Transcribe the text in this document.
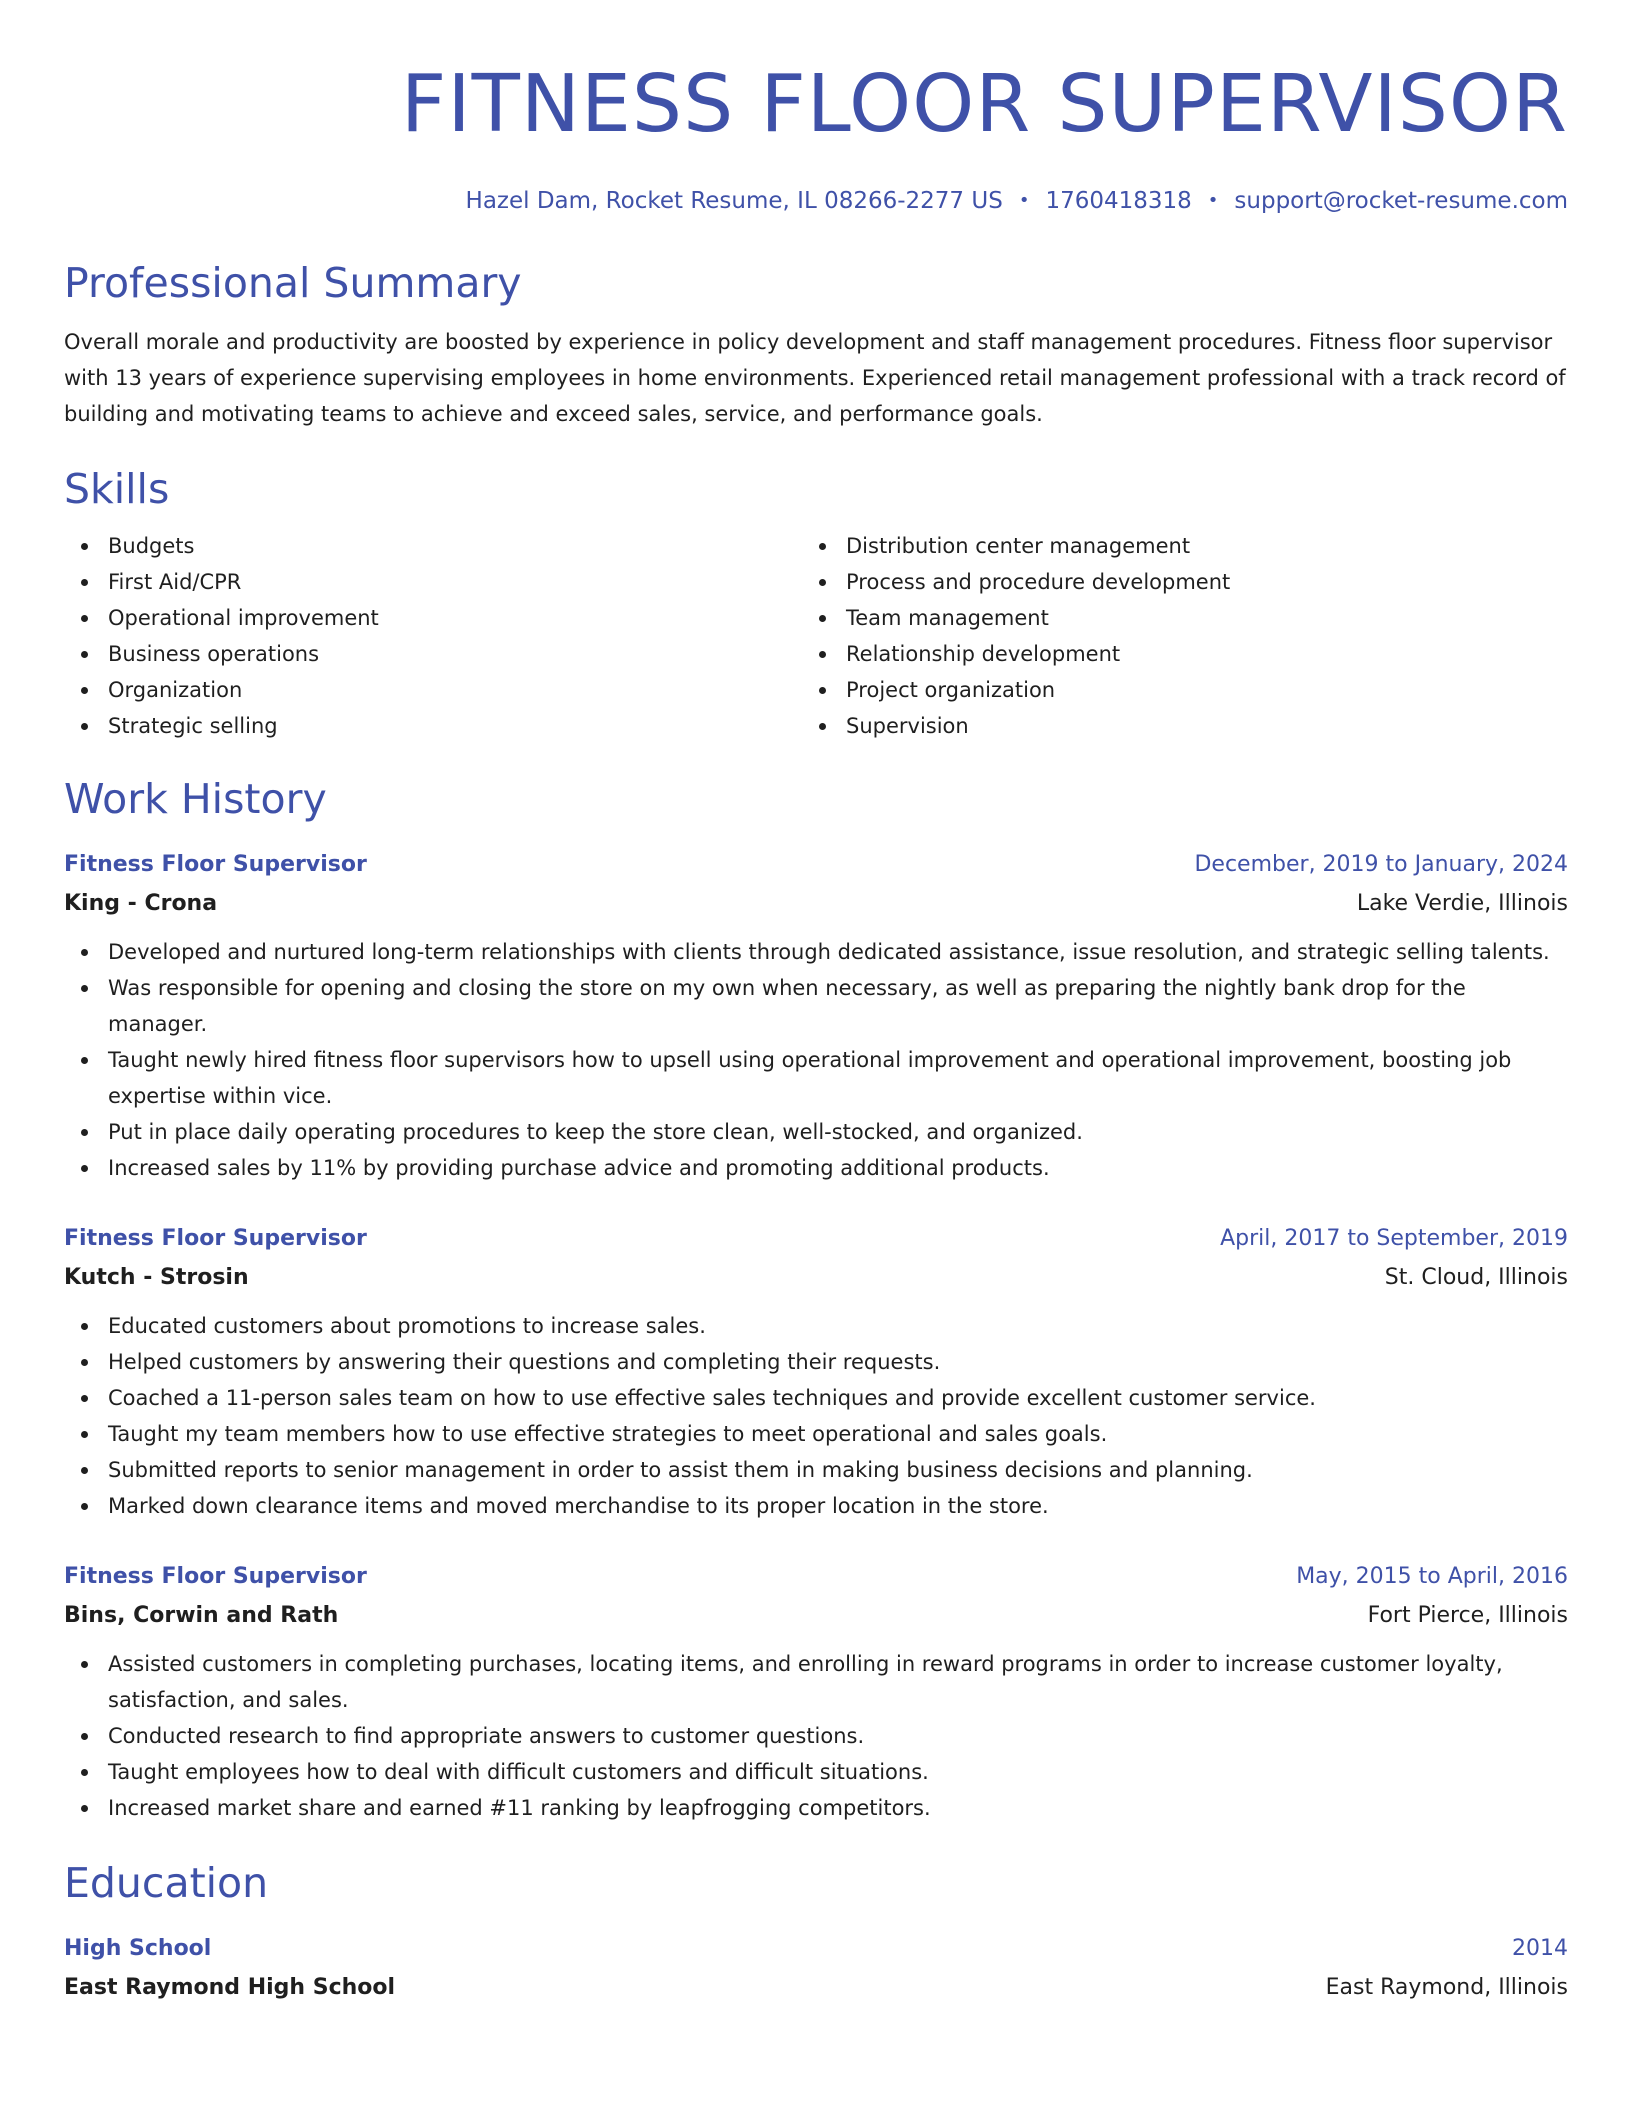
FITNESS FLOOR SUPERVISOR
Hazel Dam, Rocket Resume, IL 08266-2277 US • 1760418318 • support@rocket-resume.com
Professional Summary

Overall morale and productivity are boosted by experience in policy development and staff management procedures. Fitness floor supervisor with 13 years of experience supervising employees in home environments. Experienced retail management professional with a track record of building and motivating teams to achieve and exceed sales, service, and performance goals.

Skills
Budgets
First Aid/CPR
Operational improvement
Business operations
Organization
Strategic selling
Distribution center management
Process and procedure development
Team management
Relationship development
Project organization
Supervision
Work History
Fitness Floor Supervisor	December, 2019 to January, 2024
King - Crona	Lake Verdie, Illinois
Developed and nurtured long-term relationships with clients through dedicated assistance, issue resolution, and strategic selling talents.
Was responsible for opening and closing the store on my own when necessary, as well as preparing the nightly bank drop for the manager.
Taught newly hired fitness floor supervisors how to upsell using operational improvement and operational improvement, boosting job expertise within vice.
Put in place daily operating procedures to keep the store clean, well-stocked, and organized.
Increased sales by 11% by providing purchase advice and promoting additional products.
Fitness Floor Supervisor	April, 2017 to September, 2019
Kutch - Strosin	St. Cloud, Illinois
Educated customers about promotions to increase sales.
Helped customers by answering their questions and completing their requests.
Coached a 11-person sales team on how to use effective sales techniques and provide excellent customer service.
Taught my team members how to use effective strategies to meet operational and sales goals.
Submitted reports to senior management in order to assist them in making business decisions and planning.
Marked down clearance items and moved merchandise to its proper location in the store.
Fitness Floor Supervisor	May, 2015 to April, 2016
Bins, Corwin and Rath	Fort Pierce, Illinois
Assisted customers in completing purchases, locating items, and enrolling in reward programs in order to increase customer loyalty, satisfaction, and sales.
Conducted research to find appropriate answers to customer questions.
Taught employees how to deal with difficult customers and difficult situations.
Increased market share and earned #11 ranking by leapfrogging competitors.
Education
High School	2014
East Raymond High School	East Raymond, Illinois
